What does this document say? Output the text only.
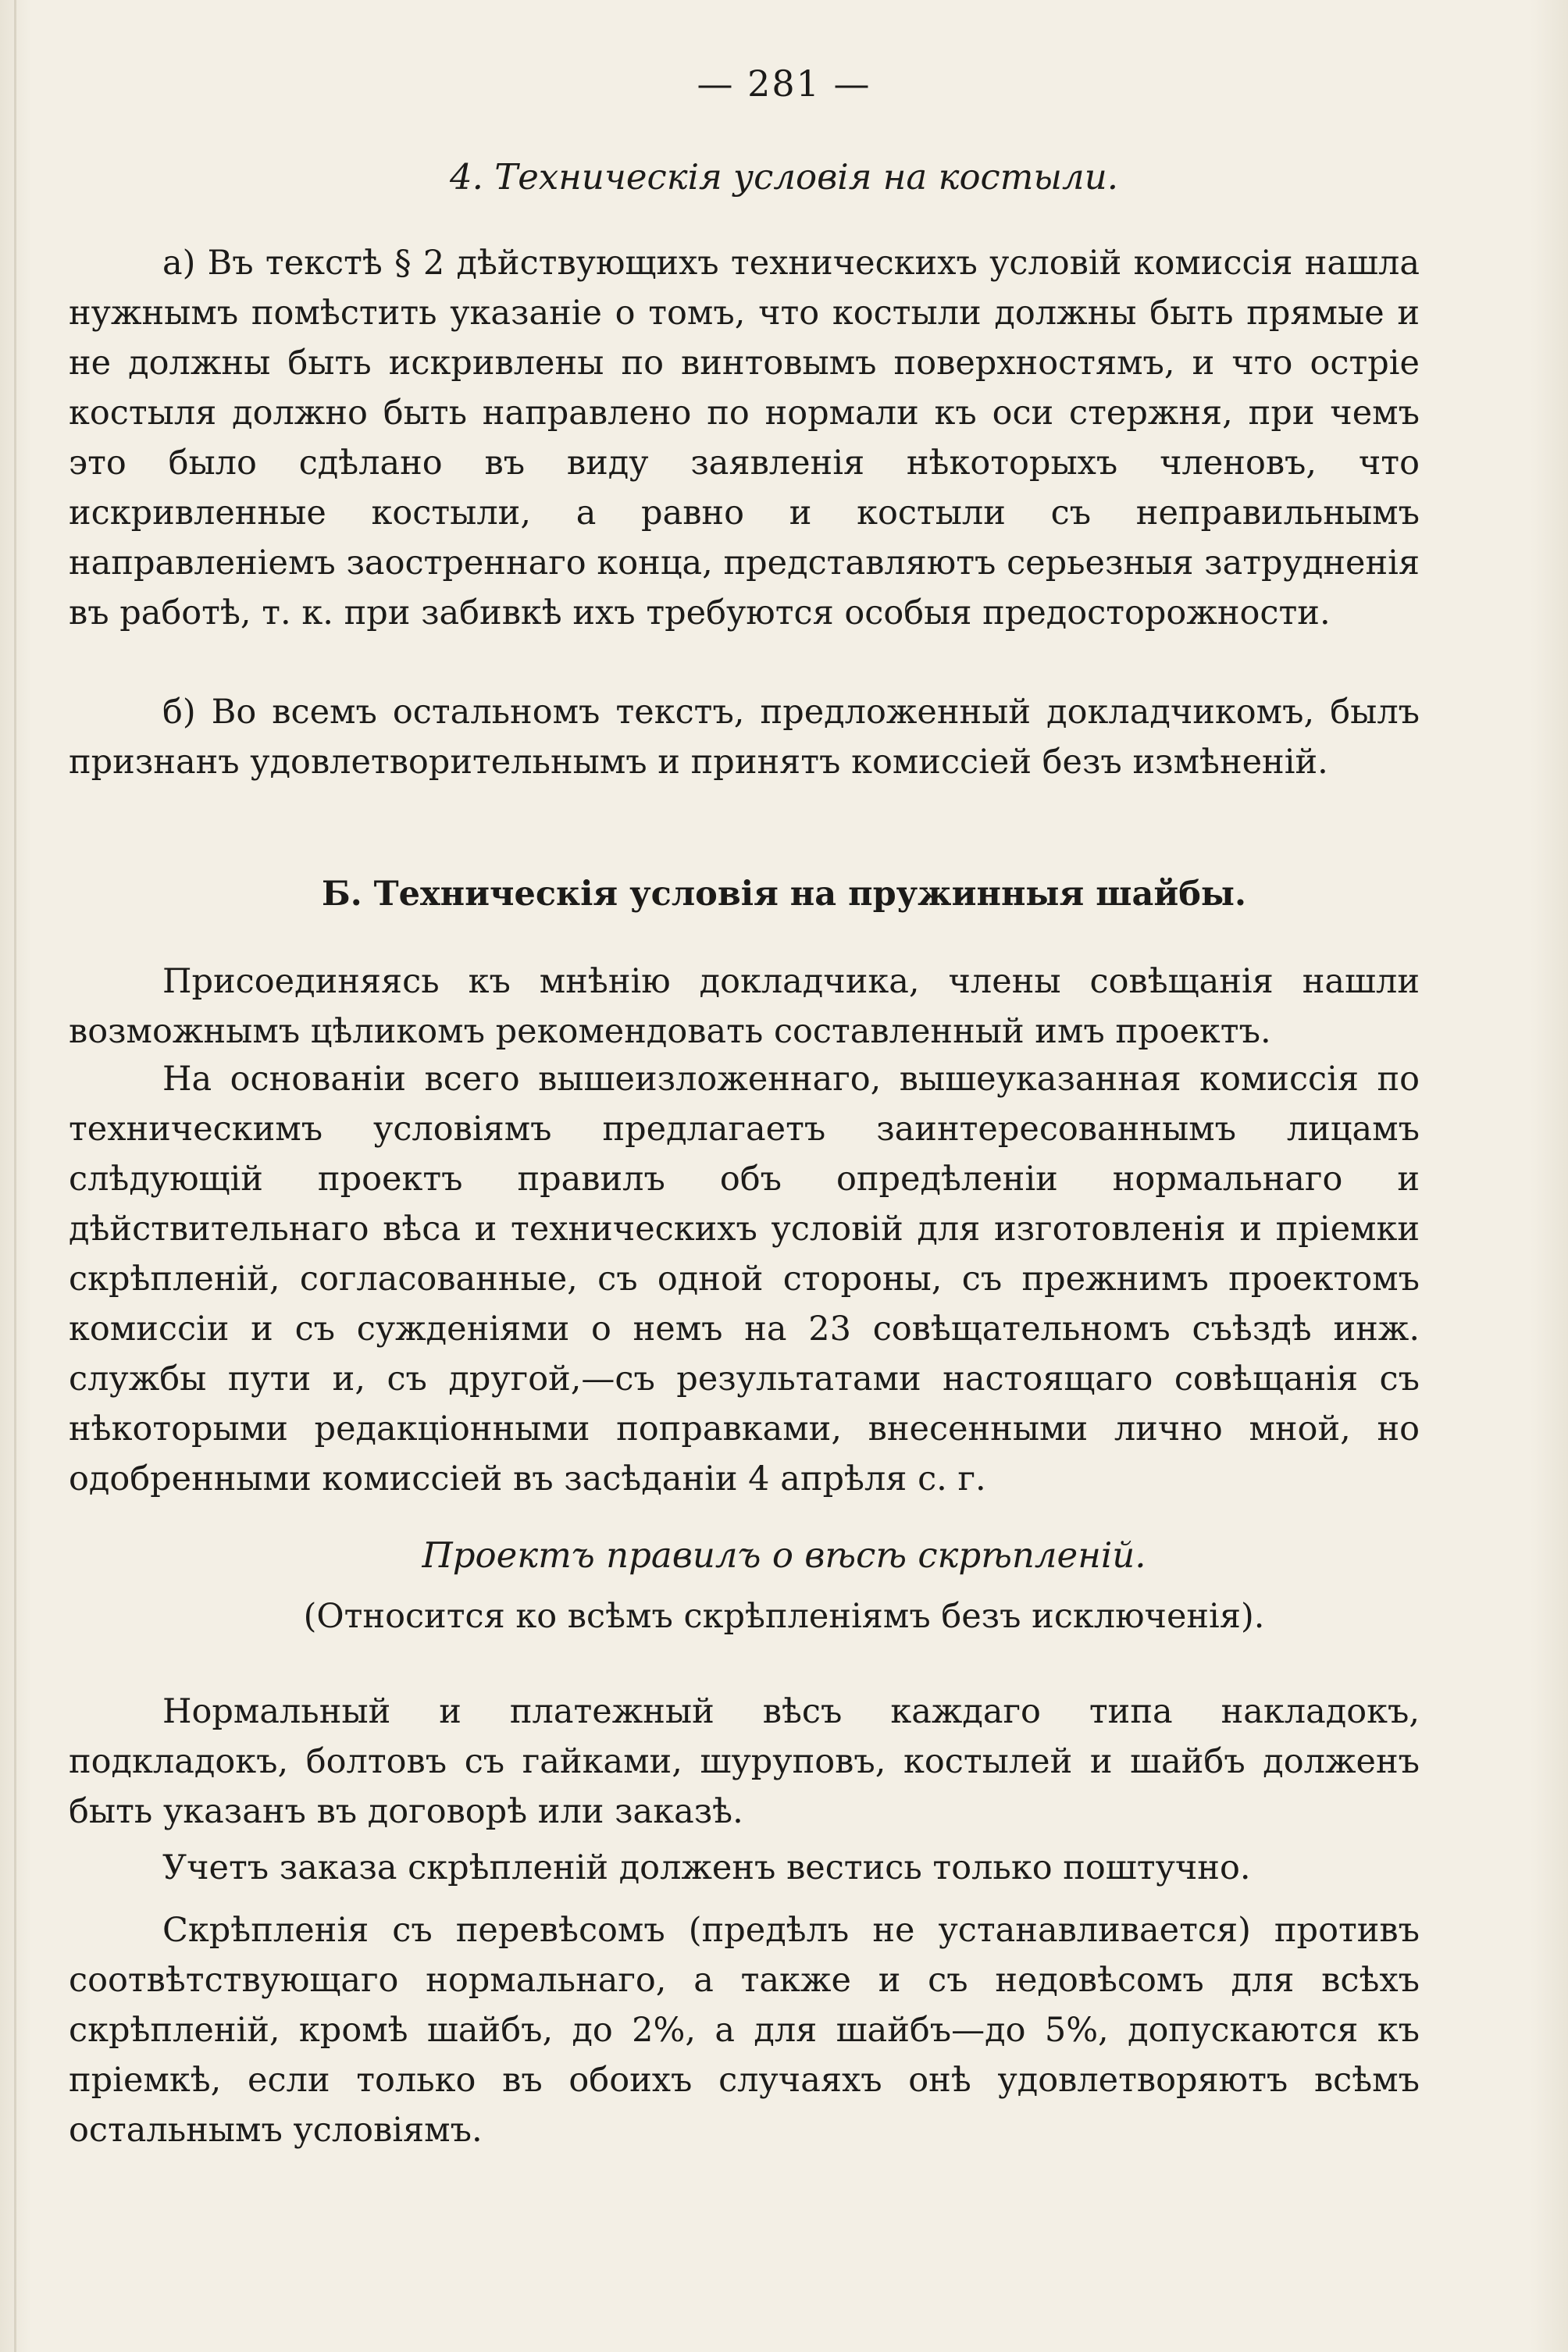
— 281 —

4. Техническія условія на костыли.

а) Въ текстѣ § 2 дѣйствующихъ техническихъ условій комиссія нашла нужнымъ помѣстить указаніе о томъ, что костыли должны быть прямые и не должны быть искривлены по винтовымъ поверхностямъ, и что остріе костыля должно быть направлено по нормали къ оси стержня, при чемъ это было сдѣлано въ виду заявленія нѣкоторыхъ членовъ, что искривленные костыли, а равно и костыли съ неправильнымъ направленіемъ заостреннаго конца, представляютъ серьезныя затрудненія въ работѣ, т. к. при забивкѣ ихъ требуются особыя предосторожности.

б) Во всемъ остальномъ текстъ, предложенный докладчикомъ, былъ признанъ удовлетворительнымъ и принятъ комиссіей безъ измѣненій.

Б. Техническія условія на пружинныя шайбы.

Присоединяясь къ мнѣнію докладчика, члены совѣщанія нашли возможнымъ цѣликомъ рекомендовать составленный имъ проектъ.

На основаніи всего вышеизложеннаго, вышеуказанная комиссія по техническимъ условіямъ предлагаетъ заинтересованнымъ лицамъ слѣдующій проектъ правилъ объ опредѣленіи нормальнаго и дѣйствительнаго вѣса и техническихъ условій для изготовленія и пріемки скрѣпленій, согласованные, съ одной стороны, съ прежнимъ проектомъ комиссіи и съ сужденіями о немъ на 23 совѣщательномъ съѣздѣ инж. службы пути и, съ другой,—съ результатами настоящаго совѣщанія съ нѣкоторыми редакціонными поправками, внесенными лично мной, но одобренными комиссіей въ засѣданіи 4 апрѣля с. г.

Проектъ правилъ о вѣсѣ скрѣпленій.

(Относится ко всѣмъ скрѣпленіямъ безъ исключенія).

Нормальный и платежный вѣсъ каждаго типа накладокъ, подкладокъ, болтовъ съ гайками, шуруповъ, костылей и шайбъ долженъ быть указанъ въ договорѣ или заказѣ.

Учетъ заказа скрѣпленій долженъ вестись только поштучно.

Скрѣпленія съ перевѣсомъ (предѣлъ не устанавливается) противъ соотвѣтствующаго нормальнаго, а также и съ недовѣсомъ для всѣхъ скрѣпленій, кромѣ шайбъ, до 2%, а для шайбъ—до 5%, допускаются къ пріемкѣ, если только въ обоихъ случаяхъ онѣ удовлетворяютъ всѣмъ остальнымъ условіямъ.
